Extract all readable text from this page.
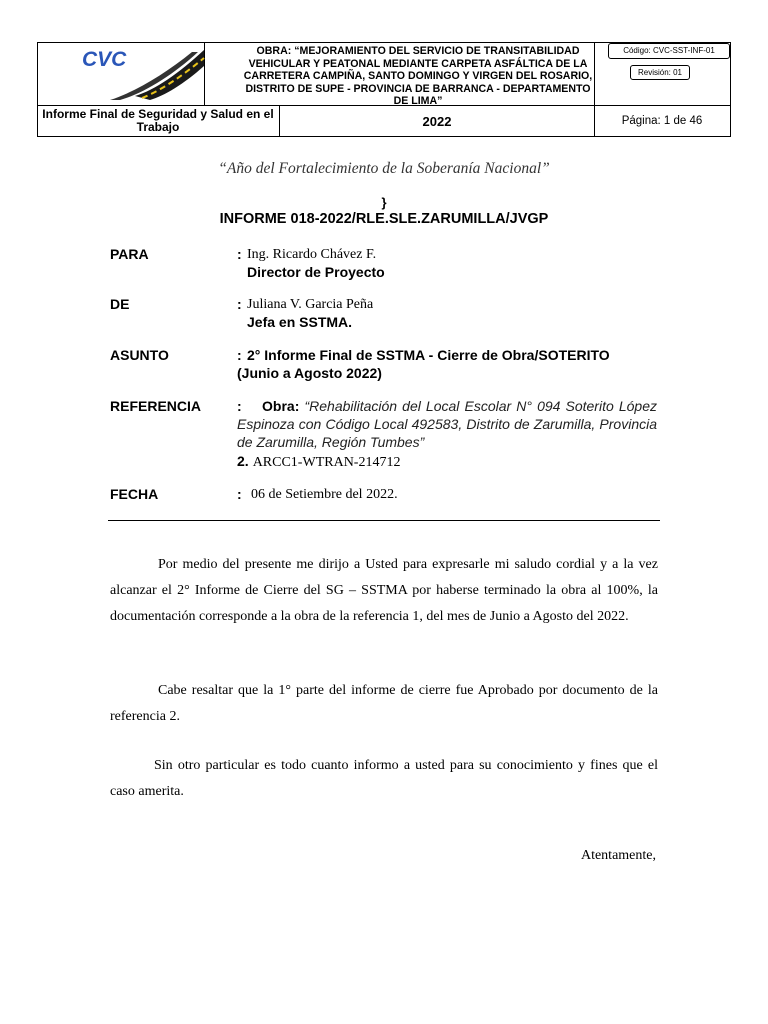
CVC	OBRA: “MEJORAMIENTO DEL SERVICIO DE TRANSITABILIDAD VEHICULAR Y PEATONAL MEDIANTE CARPETA ASFÁLTICA DE LA CARRETERA CAMPIÑA, SANTO DOMINGO Y VIRGEN DEL ROSARIO, DISTRITO DE SUPE - PROVINCIA DE BARRANCA - DEPARTAMENTO DE LIMA”
Código: CVC-SST-INF-01
Revisión: 01
Informe Final de Seguridad y Salud en el Trabajo	2022	Página: 1 de 46
“Año del Fortalecimiento de la Soberanía Nacional”
}
INFORME 018-2022/RLE.SLE.ZARUMILLA/JVGP
PARA	: Ing. Ricardo Chávez F.
Director de Proyecto
DE	: Juliana V. Garcia Peña
Jefa en SSTMA.
ASUNTO	: 2° Informe Final de SSTMA - Cierre de Obra/SOTERITO
(Junio a Agosto 2022)
REFERENCIA	: Obra: “Rehabilitación del Local Escolar N° 094 Soterito López Espinoza con Código Local 492583, Distrito de Zarumilla, Provincia de Zarumilla, Región Tumbes”
2. ARCC1-WTRAN-214712
FECHA	: 06 de Setiembre del 2022.
Por medio del presente me dirijo a Usted para expresarle mi saludo cordial y a la vez alcanzar el 2° Informe de Cierre del SG – SSTMA por haberse terminado la obra al 100%, la documentación corresponde a la obra de la referencia 1, del mes de Junio a Agosto del 2022.
Cabe resaltar que la 1° parte del informe de cierre fue Aprobado por documento de la referencia 2.
Sin otro particular es todo cuanto informo a usted para su conocimiento y fines que el caso amerita.
Atentamente,
